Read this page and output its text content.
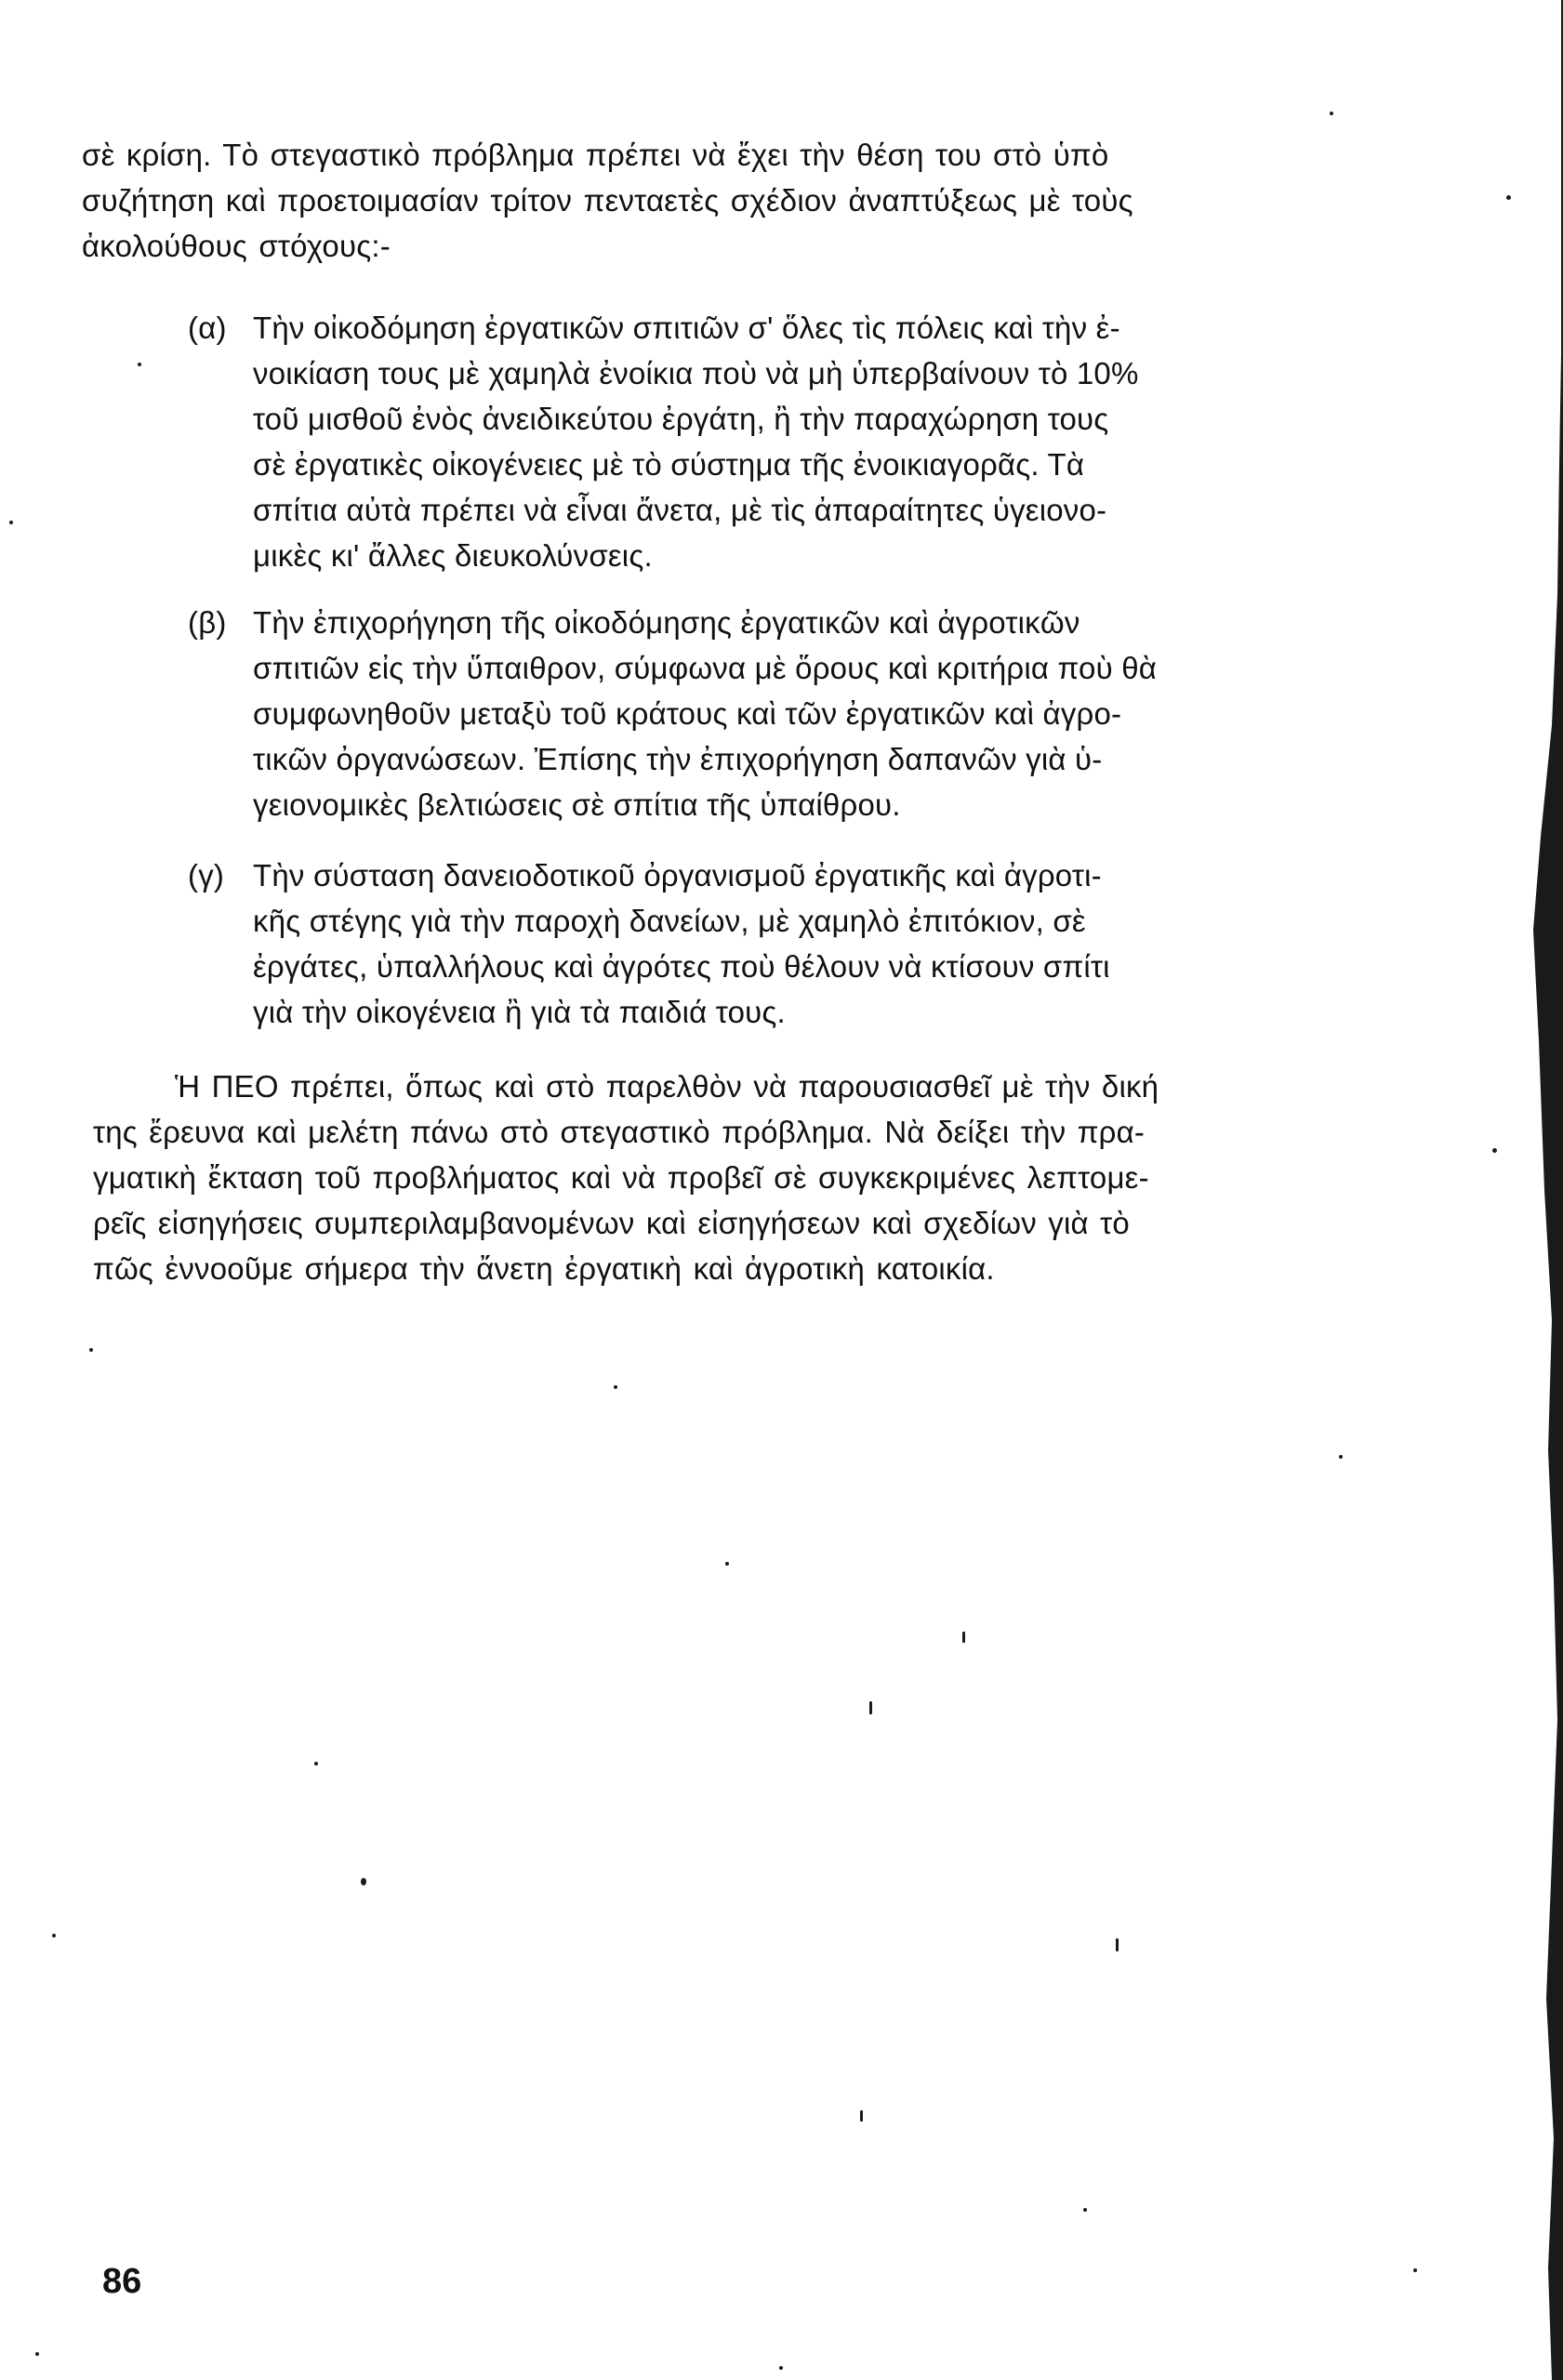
σὲ κρίση. Τὸ στεγαστικὸ πρόβλημα πρέπει νὰ ἔχει τὴν θέση του στὸ ὑπὸ
συζήτηση καὶ προετοιμασίαν τρίτον πενταετὲς σχέδιον ἀναπτύξεως μὲ τοὺς
ἀκολούθους στόχους:-
(α) Τὴν οἰκοδόμηση ἐργατικῶν σπιτιῶν σ' ὅλες τὶς πόλεις καὶ τὴν ἐ-
νοικίαση τους μὲ χαμηλὰ ἐνοίκια ποὺ νὰ μὴ ὑπερβαίνουν τὸ 10%
τοῦ μισθοῦ ἐνὸς ἀνειδικεύτου ἐργάτη, ἢ τὴν παραχώρηση τους
σὲ ἐργατικὲς οἰκογένειες μὲ τὸ σύστημα τῆς ἐνοικιαγορᾶς. Τὰ
σπίτια αὐτὰ πρέπει νὰ εἶναι ἄνετα, μὲ τὶς ἀπαραίτητες ὑγειονο-
μικὲς κι' ἄλλες διευκολύνσεις.
(β) Τὴν ἐπιχορήγηση τῆς οἰκοδόμησης ἐργατικῶν καὶ ἀγροτικῶν
σπιτιῶν εἰς τὴν ὕπαιθρον, σύμφωνα μὲ ὅρους καὶ κριτήρια ποὺ θὰ
συμφωνηθοῦν μεταξὺ τοῦ κράτους καὶ τῶν ἐργατικῶν καὶ ἀγρο-
τικῶν ὀργανώσεων. Ἐπίσης τὴν ἐπιχορήγηση δαπανῶν γιὰ ὑ-
γειονομικὲς βελτιώσεις σὲ σπίτια τῆς ὑπαίθρου.
(γ) Τὴν σύσταση δανειοδοτικοῦ ὀργανισμοῦ ἐργατικῆς καὶ ἀγροτι-
κῆς στέγης γιὰ τὴν παροχὴ δανείων, μὲ χαμηλὸ ἐπιτόκιον, σὲ
ἐργάτες, ὑπαλλήλους καὶ ἀγρότες ποὺ θέλουν νὰ κτίσουν σπίτι
γιὰ τὴν οἰκογένεια ἢ γιὰ τὰ παιδιά τους.
Ἡ ΠΕΟ πρέπει, ὅπως καὶ στὸ παρελθὸν νὰ παρουσιασθεῖ μὲ τὴν δική
της ἔρευνα καὶ μελέτη πάνω στὸ στεγαστικὸ πρόβλημα. Νὰ δείξει τὴν πρα-
γματικὴ ἔκταση τοῦ προβλήματος καὶ νὰ προβεῖ σὲ συγκεκριμένες λεπτομε-
ρεῖς εἰσηγήσεις συμπεριλαμβανομένων καὶ εἰσηγήσεων καὶ σχεδίων γιὰ τὸ
πῶς ἐννοοῦμε σήμερα τὴν ἄνετη ἐργατικὴ καὶ ἀγροτικὴ κατοικία.
86
